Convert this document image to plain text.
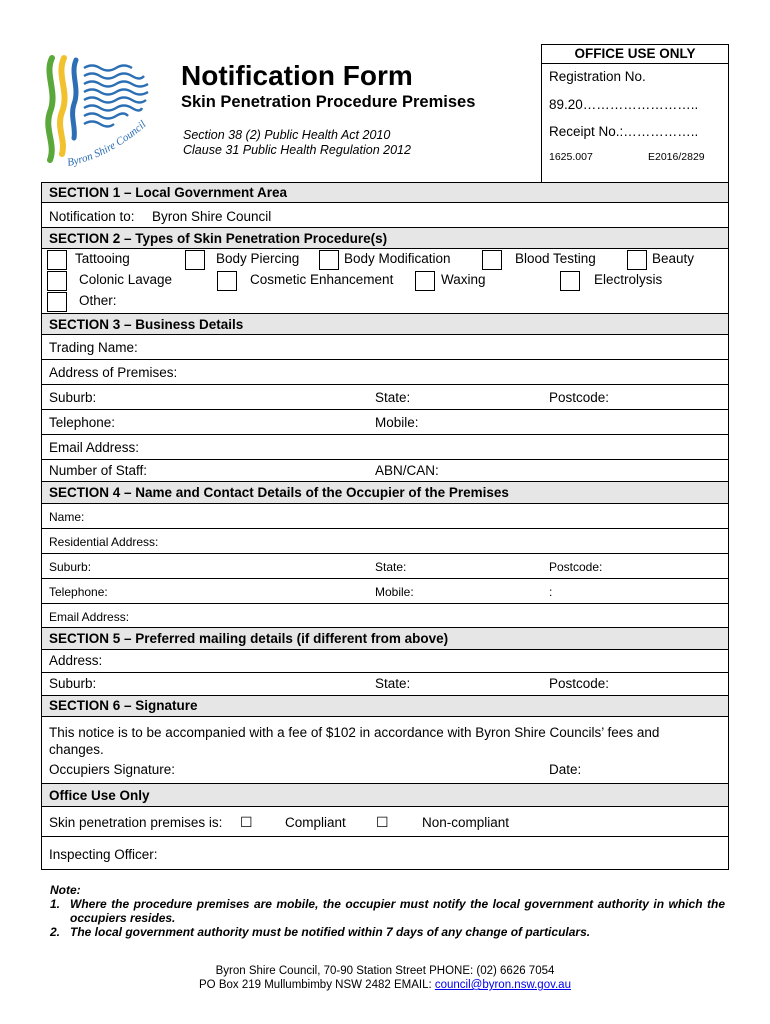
Byron Shire Council
Notification Form
Skin Penetration Procedure Premises
Section 38 (2) Public Health Act 2010
Clause 31 Public Health Regulation 2012
OFFICE USE ONLY
Registration No.
89.20……………………..
Receipt No.:……………..
1625.007	E2016/2829
SECTION 1 – Local Government Area
Notification to: Byron Shire Council
SECTION 2 – Types of Skin Penetration Procedure(s)
Tattooing	Body Piercing	Body Modification	Blood Testing	Beauty
Colonic Lavage	Cosmetic Enhancement	Waxing	Electrolysis
Other:
SECTION 3 – Business Details
Trading Name:
Address of Premises:
Suburb:	State:	Postcode:
Telephone:	Mobile:
Email Address:
Number of Staff:	ABN/CAN:
SECTION 4 – Name and Contact Details of the Occupier of the Premises
Name:
Residential Address:
Suburb:	State:	Postcode:
Telephone:	Mobile:	:
Email Address:
SECTION 5 – Preferred mailing details (if different from above)
Address:
Suburb:	State:	Postcode:
SECTION 6 – Signature
This notice is to be accompanied with a fee of $102 in accordance with Byron Shire Councils’ fees and changes.
Occupiers Signature:	Date:
Office Use Only
Skin penetration premises is: ☐ Compliant ☐ Non-compliant
Inspecting Officer:
Note:
1. Where the procedure premises are mobile, the occupier must notify the local government authority in which the occupiers resides.
2. The local government authority must be notified within 7 days of any change of particulars.
Byron Shire Council, 70-90 Station Street PHONE: (02) 6626 7054
PO Box 219 Mullumbimby NSW 2482 EMAIL: council@byron.nsw.gov.au
